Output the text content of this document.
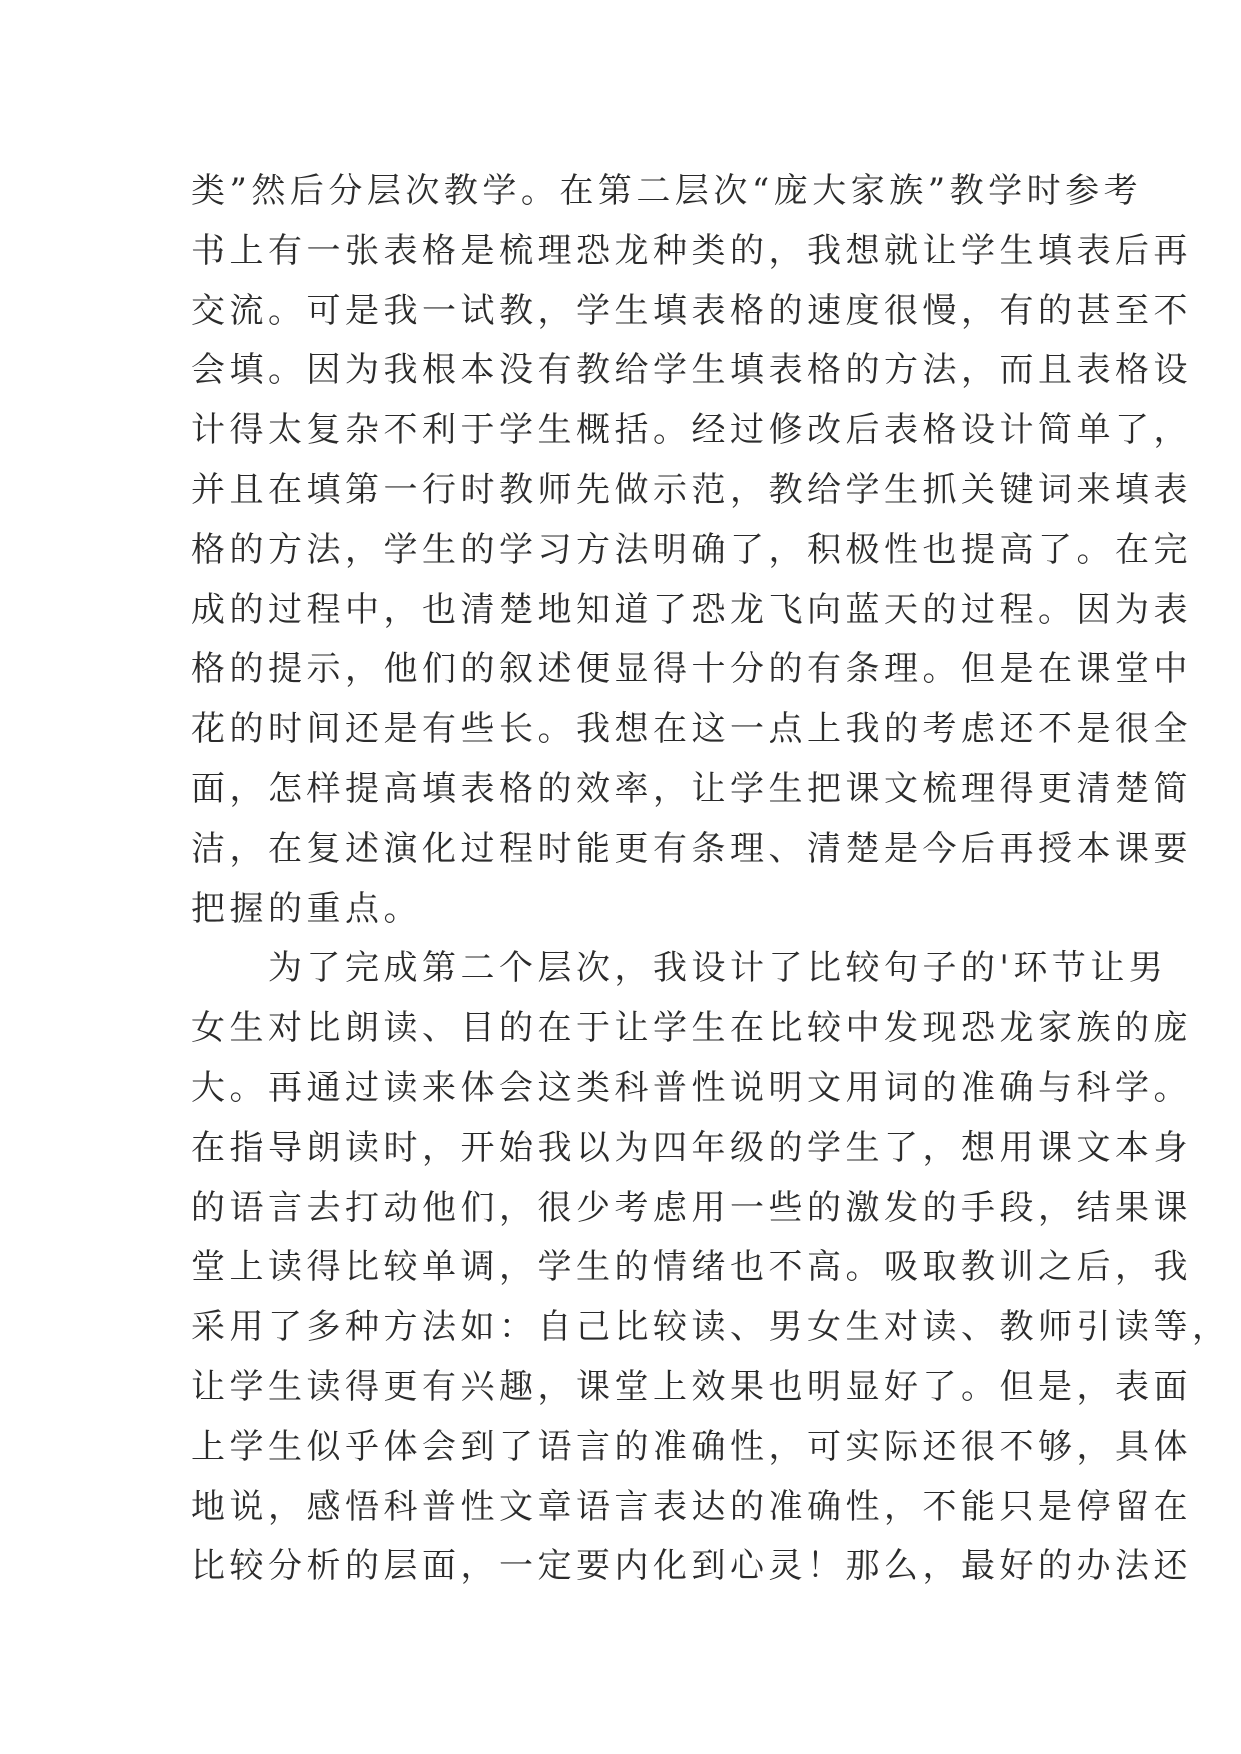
类”然后分层次教学。在第二层次“庞大家族”教学时参考
书上有一张表格是梳理恐龙种类的，我想就让学生填表后再
交流。可是我一试教，学生填表格的速度很慢，有的甚至不
会填。因为我根本没有教给学生填表格的方法，而且表格设
计得太复杂不利于学生概括。经过修改后表格设计简单了，
并且在填第一行时教师先做示范，教给学生抓关键词来填表
格的方法，学生的学习方法明确了，积极性也提高了。在完
成的过程中，也清楚地知道了恐龙飞向蓝天的过程。因为表
格的提示，他们的叙述便显得十分的有条理。但是在课堂中
花的时间还是有些长。我想在这一点上我的考虑还不是很全
面，怎样提高填表格的效率，让学生把课文梳理得更清楚简
洁，在复述演化过程时能更有条理、清楚是今后再授本课要
把握的重点。
　　为了完成第二个层次，我设计了比较句子的'环节让男
女生对比朗读、目的在于让学生在比较中发现恐龙家族的庞
大。再通过读来体会这类科普性说明文用词的准确与科学。
在指导朗读时，开始我以为四年级的学生了，想用课文本身
的语言去打动他们，很少考虑用一些的激发的手段，结果课
堂上读得比较单调，学生的情绪也不高。吸取教训之后，我
采用了多种方法如：自己比较读、男女生对读、教师引读等，
让学生读得更有兴趣，课堂上效果也明显好了。但是，表面
上学生似乎体会到了语言的准确性，可实际还很不够，具体
地说，感悟科普性文章语言表达的准确性，不能只是停留在
比较分析的层面，一定要内化到心灵！那么，最好的办法还
